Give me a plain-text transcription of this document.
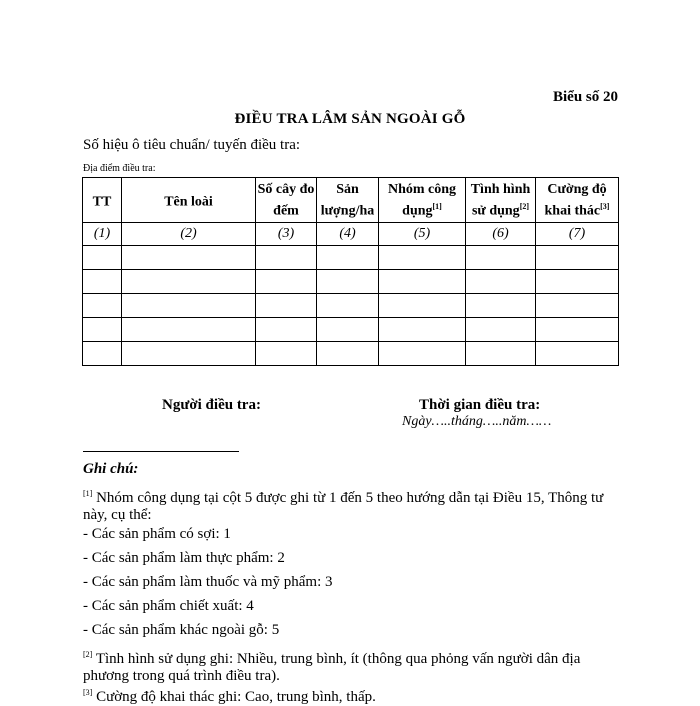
Biểu số 20
ĐIỀU TRA LÂM SẢN NGOÀI GỖ
Số hiệu ô tiêu chuẩn/ tuyến điều tra:
Địa điểm điều tra:
TT	Tên loài	Số cây đo đếm	Sản lượng/ha	Nhóm công dụng[1]	Tình hình sử dụng[2]	Cường độ khai thác[3]
(1)	(2)	(3)	(4)	(5)	(6)	(7)

Người điều tra:	Thời gian điều tra:
Ngày…..tháng…..năm……
Ghi chú:
[1] Nhóm công dụng tại cột 5 được ghi từ 1 đến 5 theo hướng dẫn tại Điều 15, Thông tư này, cụ thể:
- Các sản phẩm có sợi: 1
- Các sản phẩm làm thực phẩm: 2
- Các sản phẩm làm thuốc và mỹ phẩm: 3
- Các sản phẩm chiết xuất: 4
- Các sản phẩm khác ngoài gỗ: 5
[2] Tình hình sử dụng ghi: Nhiều, trung bình, ít (thông qua phỏng vấn người dân địa phương trong quá trình điều tra).
[3] Cường độ khai thác ghi: Cao, trung bình, thấp.
